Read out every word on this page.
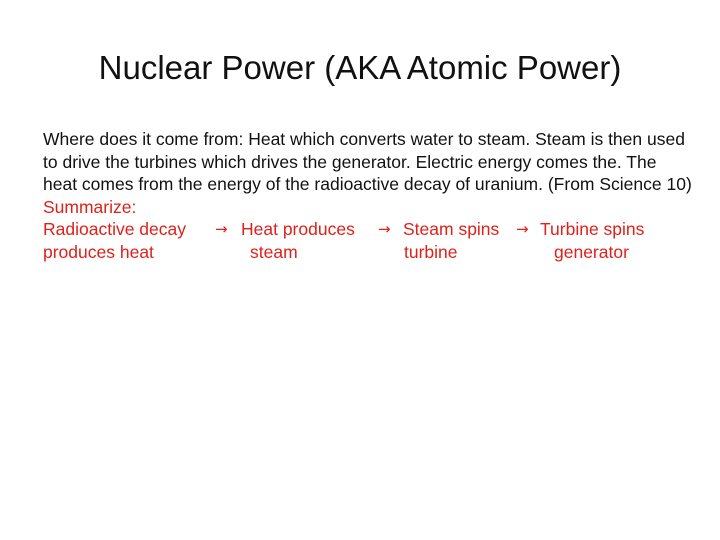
Nuclear Power (AKA Atomic Power)

Where does it come from: Heat which converts water to steam. Steam is then used to drive the turbines which drives the generator. Electric energy comes the. The heat comes from the energy of the radioactive decay of uranium. (From Science 10)

Summarize:

Radioactive decay → Heat produces → Steam spins → Turbine spins
produces heat	steam	turbine	generator
